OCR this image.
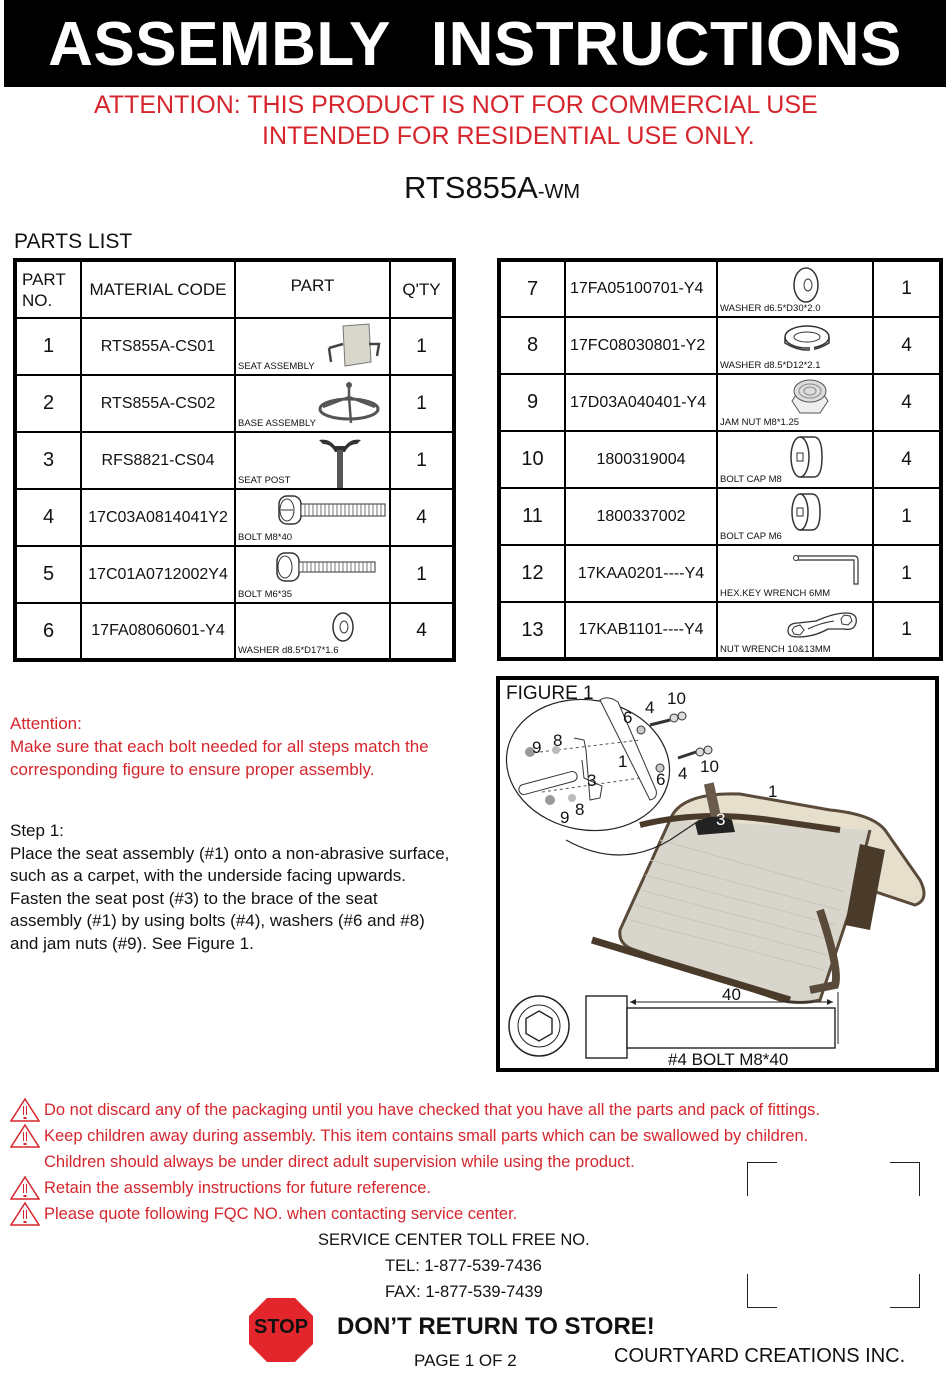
ASSEMBLY INSTRUCTIONS
ATTENTION: THIS PRODUCT IS NOT FOR COMMERCIAL USE
INTENDED FOR RESIDENTIAL USE ONLY.
RTS855A-WM
PARTS LIST
PART NO.	MATERIAL CODE	PART	Q'TY
1	RTS855A-CS01	SEAT ASSEMBLY	1
2	RTS855A-CS02	BASE ASSEMBLY	1
3	RFS8821-CS04	SEAT POST	1
4	17C03A0814041Y2	BOLT M8*40	4
5	17C01A0712002Y4	BOLT M6*35	1
6	17FA08060601-Y4	WASHER d8.5*D17*1.6	4
7	17FA05100701-Y4	WASHER d6.5*D30*2.0	1
8	17FC08030801-Y2	WASHER d8.5*D12*2.1	4
9	17D03A040401-Y4	JAM NUT M8*1.25	4
10	1800319004	BOLT CAP M8	4
11	1800337002	BOLT CAP M6	1
12	17KAA0201----Y4	HEX.KEY WRENCH 6MM	1
13	17KAB1101----Y4	NUT WRENCH 10&13MM	1
Attention:
Make sure that each bolt needed for all steps match the
corresponding figure to ensure proper assembly.
Step 1:
Place the seat assembly (#1) onto a non-abrasive surface,
such as a carpet, with the underside facing upwards.
Fasten the seat post (#3) to the brace of the seat
assembly (#1) by using bolts (#4), washers (#6 and #8)
and jam nuts (#9). See Figure 1.
FIGURE 1
6
4 10
9 8
1
3	6 4 10
1
9 8
3
40
#4 BOLT M8*40
Do not discard any of the packaging until you have checked that you have all the parts and pack of fittings.
Keep children away during assembly. This item contains small parts which can be swallowed by children.
Children should always be under direct adult supervision while using the product.
Retain the assembly instructions for future reference.
Please quote following FQC NO. when contacting service center.
SERVICE CENTER TOLL FREE NO.
TEL: 1-877-539-7436
FAX: 1-877-539-7439
STOP DON’T RETURN TO STORE!
PAGE 1 OF 2	COURTYARD CREATIONS INC.
